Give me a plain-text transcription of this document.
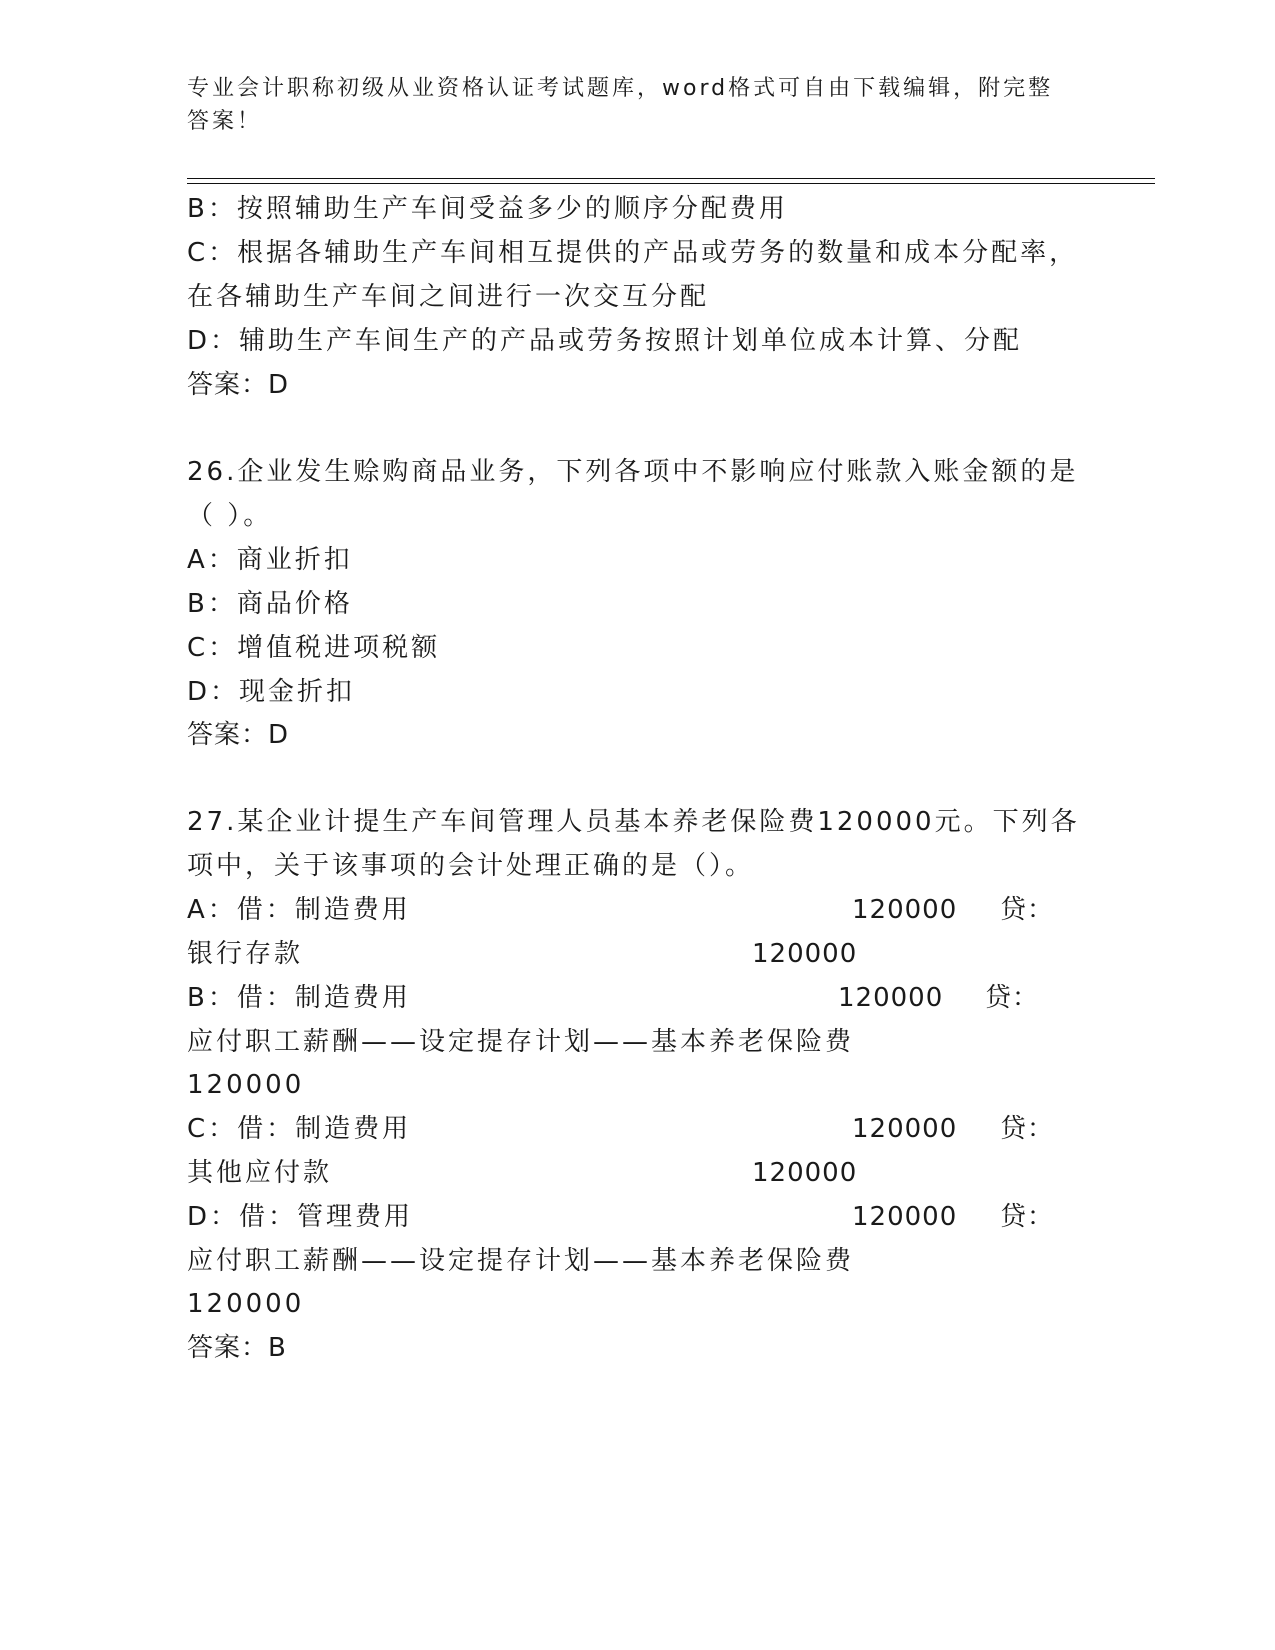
专业会计职称初级从业资格认证考试题库，word格式可自由下载编辑，附完整答案！
B：按照辅助生产车间受益多少的顺序分配费用
C：根据各辅助生产车间相互提供的产品或劳务的数量和成本分配率，
在各辅助生产车间之间进行一次交互分配
D：辅助生产车间生产的产品或劳务按照计划单位成本计算、分配
答案：D
26.企业发生赊购商品业务，下列各项中不影响应付账款入账金额的是
（ ）。
A：商业折扣
B：商品价格
C：增值税进项税额
D：现金折扣
答案：D
27.某企业计提生产车间管理人员基本养老保险费120000元。下列各
项中，关于该事项的会计处理正确的是（）。
A：借：制造费用	120000 贷：
银行存款	120000
B：借：制造费用	120000 贷：
应付职工薪酬——设定提存计划——基本养老保险费
120000
C：借：制造费用	120000 贷：
其他应付款	120000
D：借：管理费用	120000 贷：
应付职工薪酬——设定提存计划——基本养老保险费
120000
答案：B
